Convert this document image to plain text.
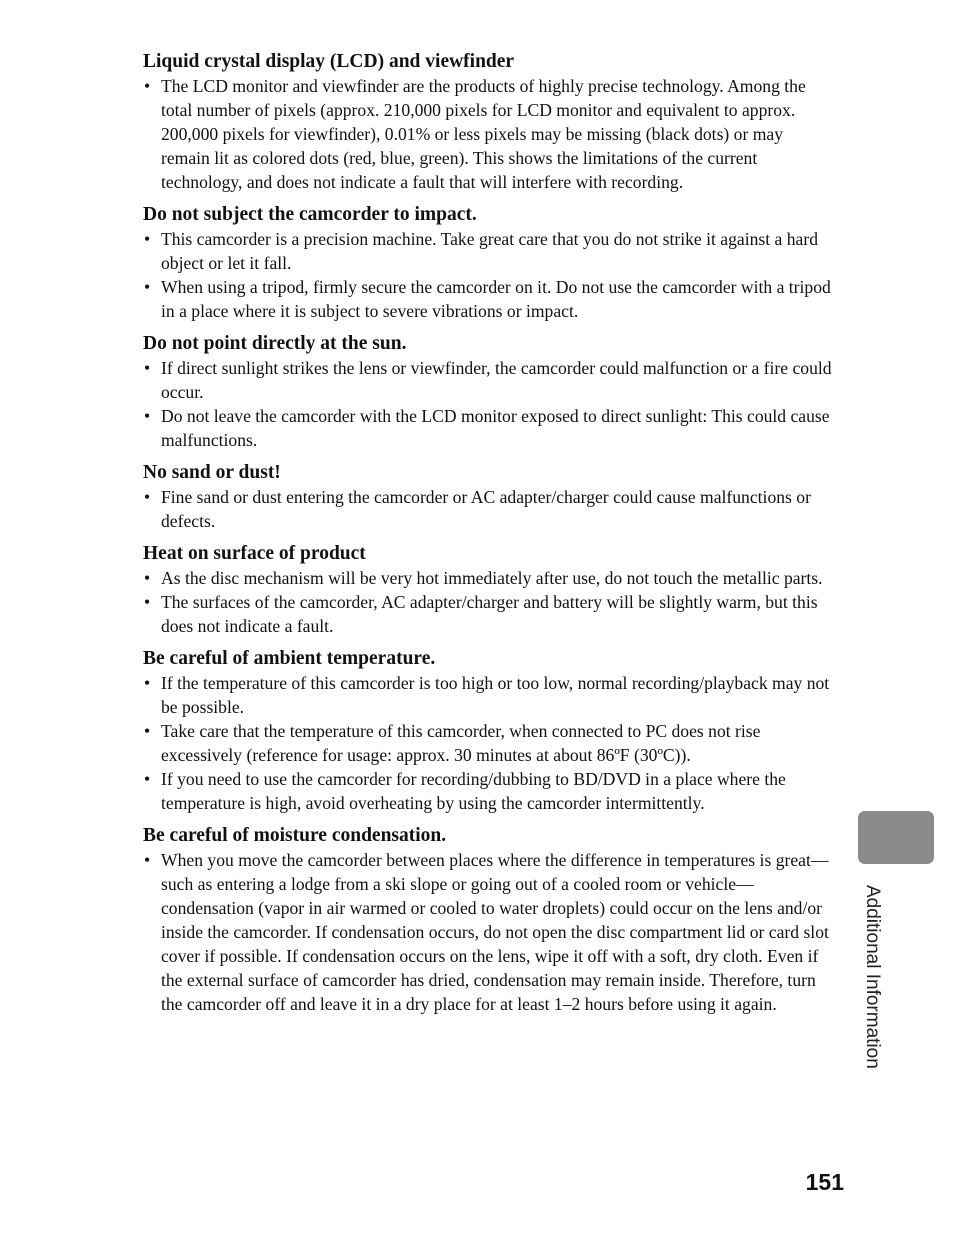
Liquid crystal display (LCD) and viewfinder
• The LCD monitor and viewfinder are the products of highly precise technology. Among the total number of pixels (approx. 210,000 pixels for LCD monitor and equivalent to approx. 200,000 pixels for viewfinder), 0.01% or less pixels may be missing (black dots) or may remain lit as colored dots (red, blue, green). This shows the limitations of the current technology, and does not indicate a fault that will interfere with recording.
Do not subject the camcorder to impact.
• This camcorder is a precision machine. Take great care that you do not strike it against a hard object or let it fall.
• When using a tripod, firmly secure the camcorder on it. Do not use the camcorder with a tripod in a place where it is subject to severe vibrations or impact.
Do not point directly at the sun.
• If direct sunlight strikes the lens or viewfinder, the camcorder could malfunction or a fire could occur.
• Do not leave the camcorder with the LCD monitor exposed to direct sunlight: This could cause malfunctions.
No sand or dust!
• Fine sand or dust entering the camcorder or AC adapter/charger could cause malfunctions or defects.
Heat on surface of product
• As the disc mechanism will be very hot immediately after use, do not touch the metallic parts.
• The surfaces of the camcorder, AC adapter/charger and battery will be slightly warm, but this does not indicate a fault.
Be careful of ambient temperature.
• If the temperature of this camcorder is too high or too low, normal recording/playback may not be possible.
• Take care that the temperature of this camcorder, when connected to PC does not rise excessively (reference for usage: approx. 30 minutes at about 86ºF (30ºC)).
• If you need to use the camcorder for recording/dubbing to BD/DVD in a place where the temperature is high, avoid overheating by using the camcorder intermittently.
Be careful of moisture condensation.
• When you move the camcorder between places where the difference in temperatures is great—such as entering a lodge from a ski slope or going out of a cooled room or vehicle—condensation (vapor in air warmed or cooled to water droplets) could occur on the lens and/or inside the camcorder. If condensation occurs, do not open the disc compartment lid or card slot cover if possible. If condensation occurs on the lens, wipe it off with a soft, dry cloth. Even if the external surface of camcorder has dried, condensation may remain inside. Therefore, turn the camcorder off and leave it in a dry place for at least 1–2 hours before using it again.	Additional Information
151
